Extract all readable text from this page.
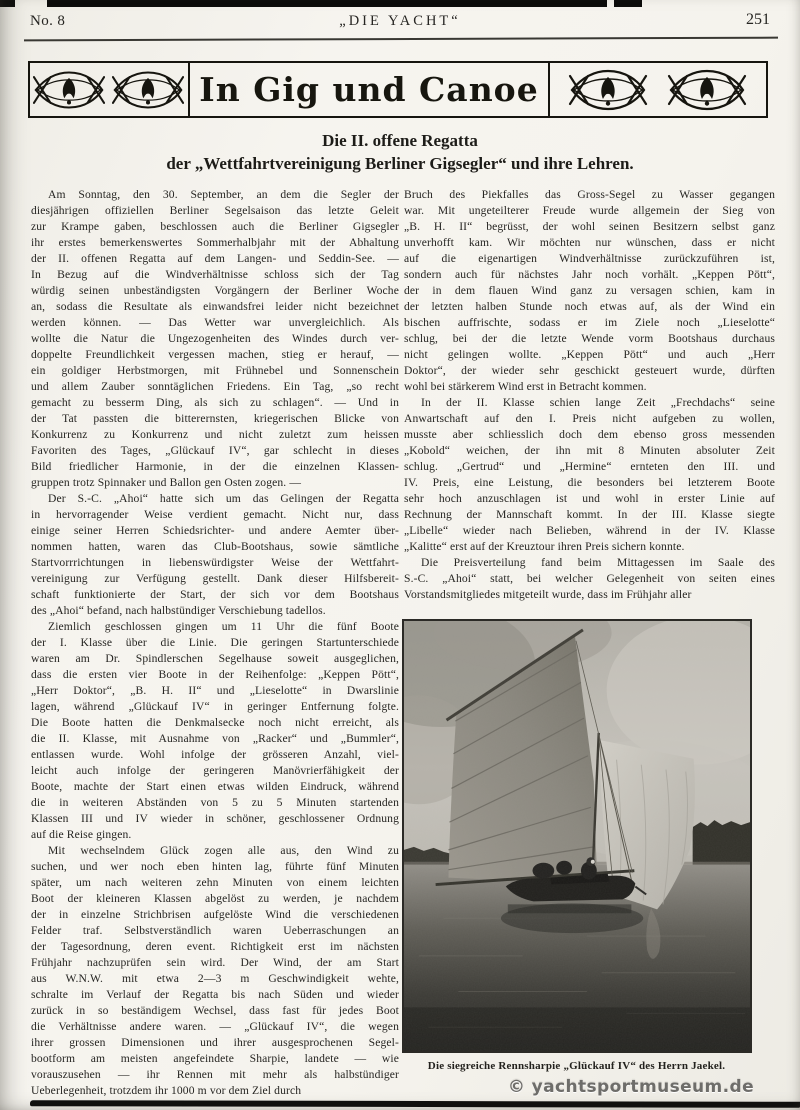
No. 8	„DIE YACHT“	251
In Gig und Canoe
Die II. offene Regatta
der „Wettfahrtvereinigung Berliner Gigsegler“ und ihre Lehren.
Am Sonntag, den 30. September, an dem die Segler der
diesjährigen offiziellen Berliner Segelsaison das letzte Geleit
zur Krampe gaben, beschlossen auch die Berliner Gigsegler
ihr erstes bemerkenswertes Sommerhalbjahr mit der Abhaltung
der II. offenen Regatta auf dem Langen- und Seddin-See. —
In Bezug auf die Windverhältnisse schloss sich der Tag
würdig seinen unbeständigsten Vorgängern der Berliner Woche
an, sodass die Resultate als einwandsfrei leider nicht bezeichnet
werden können. — Das Wetter war unvergleichlich. Als
wollte die Natur die Ungezogenheiten des Windes durch ver-
doppelte Freundlichkeit vergessen machen, stieg er herauf, —
ein goldiger Herbstmorgen, mit Frühnebel und Sonnenschein
und allem Zauber sonntäglichen Friedens. Ein Tag, „so recht
gemacht zu besserm Ding, als sich zu schlagen“. — Und in
der Tat passten die bitterernsten, kriegerischen Blicke von
Konkurrenz zu Konkurrenz und nicht zuletzt zum heissen
Favoriten des Tages, „Glückauf IV“, gar schlecht in dieses
Bild friedlicher Harmonie, in der die einzelnen Klassen-
gruppen trotz Spinnaker und Ballon gen Osten zogen. —
Der S.-C. „Ahoi“ hatte sich um das Gelingen der Regatta
in hervorragender Weise verdient gemacht. Nicht nur, dass
einige seiner Herren Schiedsrichter- und andere Aemter über-
nommen hatten, waren das Club-Bootshaus, sowie sämtliche
Startvorrrichtungen in liebenswürdigster Weise der Wettfahrt-
vereinigung zur Verfügung gestellt. Dank dieser Hilfsbereit-
schaft funktionierte der Start, der sich vor dem Bootshaus
des „Ahoi“ befand, nach halbstündiger Verschiebung tadellos.
Ziemlich geschlossen gingen um 11 Uhr die fünf Boote
der I. Klasse über die Linie. Die geringen Startunterschiede
waren am Dr. Spindlerschen Segelhause soweit ausgeglichen,
dass die ersten vier Boote in der Reihenfolge: „Keppen Pött“,
„Herr Doktor“, „B. H. II“ und „Lieselotte“ in Dwarslinie
lagen, während „Glückauf IV“ in geringer Entfernung folgte.
Die Boote hatten die Denkmalsecke noch nicht erreicht, als
die II. Klasse, mit Ausnahme von „Racker“ und „Bummler“,
entlassen wurde. Wohl infolge der grösseren Anzahl, viel-
leicht auch infolge der geringeren Manövrierfähigkeit der
Boote, machte der Start einen etwas wilden Eindruck, während
die in weiteren Abständen von 5 zu 5 Minuten startenden
Klassen III und IV wieder in schöner, geschlossener Ordnung
auf die Reise gingen.
Mit wechselndem Glück zogen alle aus, den Wind zu
suchen, und wer noch eben hinten lag, führte fünf Minuten
später, um nach weiteren zehn Minuten von einem leichten
Boot der kleineren Klassen abgelöst zu werden, je nachdem
der in einzelne Strichbrisen aufgelöste Wind die verschiedenen
Felder traf. Selbstverständlich waren Ueberraschungen an
der Tagesordnung, deren event. Richtigkeit erst im nächsten
Frühjahr nachzuprüfen sein wird. Der Wind, der am Start
aus W.N.W. mit etwa 2—3 m Geschwindigkeit wehte,
schralte im Verlauf der Regatta bis nach Süden und wieder
zurück in so beständigem Wechsel, dass fast für jedes Boot
die Verhältnisse andere waren. — „Glückauf IV“, die wegen
ihrer grossen Dimensionen und ihrer ausgesprochenen Segel-
bootform am meisten angefeindete Sharpie, landete — wie
vorauszusehen — ihr Rennen mit mehr als halbstündiger
Ueberlegenheit, trotzdem ihr 1000 m vor dem Ziel durch
Bruch des Piekfalles das Gross-Segel zu Wasser gegangen
war. Mit ungeteilterer Freude wurde allgemein der Sieg von
„B. H. II“ begrüsst, der wohl seinen Besitzern selbst ganz
unverhofft kam. Wir möchten nur wünschen, dass er nicht
auf die eigenartigen Windverhältnisse zurückzuführen ist,
sondern auch für nächstes Jahr noch vorhält. „Keppen Pött“,
der in dem flauen Wind ganz zu versagen schien, kam in
der letzten halben Stunde noch etwas auf, als der Wind ein
bischen auffrischte, sodass er im Ziele noch „Lieselotte“
schlug, bei der die letzte Wende vorm Bootshaus durchaus
nicht gelingen wollte. „Keppen Pött“ und auch „Herr
Doktor“, der wieder sehr geschickt gesteuert wurde, dürften
wohl bei stärkerem Wind erst in Betracht kommen.
In der II. Klasse schien lange Zeit „Frechdachs“ seine
Anwartschaft auf den I. Preis nicht aufgeben zu wollen,
musste aber schliesslich doch dem ebenso gross messenden
„Kobold“ weichen, der ihn mit 8 Minuten absoluter Zeit
schlug. „Gertrud“ und „Hermine“ ernteten den III. und
IV. Preis, eine Leistung, die besonders bei letzterem Boote
sehr hoch anzuschlagen ist und wohl in erster Linie auf
Rechnung der Mannschaft kommt. In der III. Klasse siegte
„Libelle“ wieder nach Belieben, während in der IV. Klasse
„Kalitte“ erst auf der Kreuztour ihren Preis sichern konnte.
Die Preisverteilung fand beim Mittagessen im Saale des
S.-C. „Ahoi“ statt, bei welcher Gelegenheit von seiten eines
Vorstandsmitgliedes mitgeteilt wurde, dass im Frühjahr aller
Die siegreiche Rennsharpie „Glückauf IV“ des Herrn Jaekel.
© yachtsportmuseum.de
